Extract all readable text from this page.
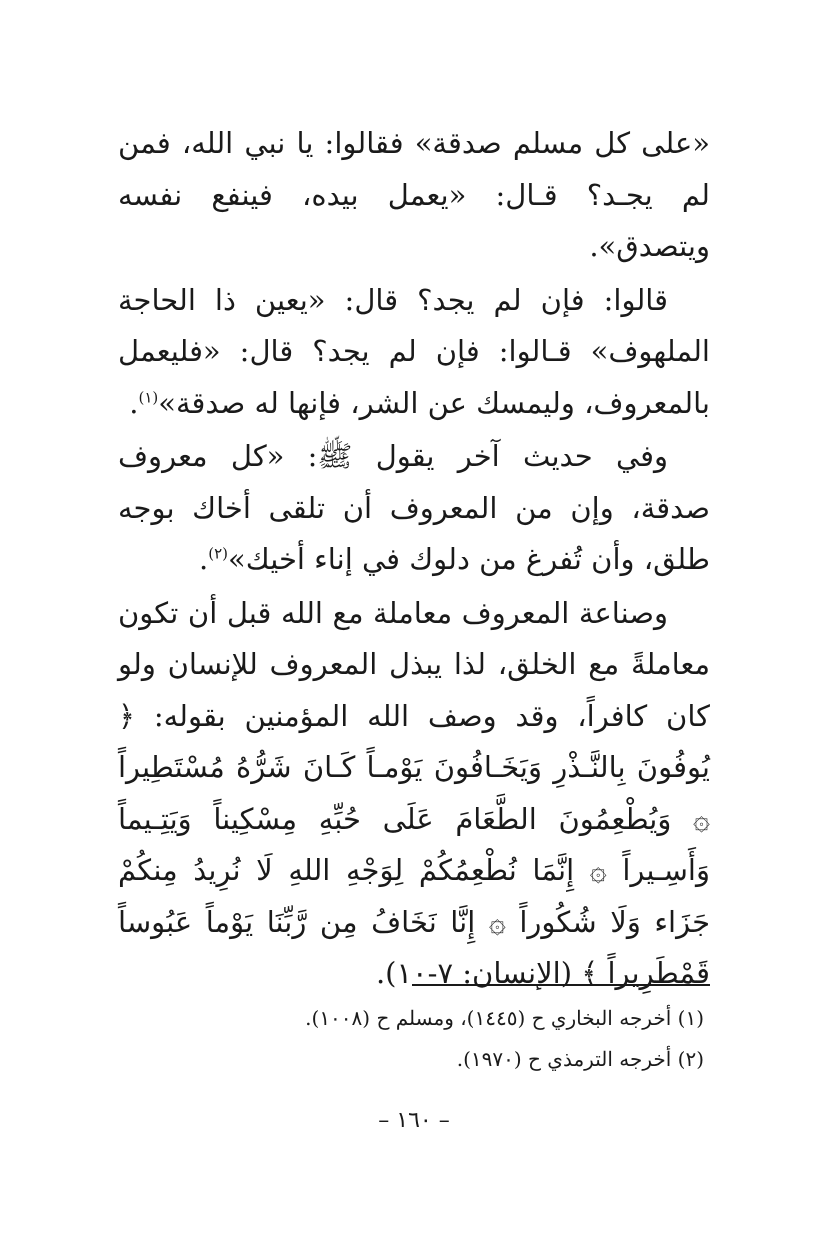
«على كل مسلم صدقة» فقالوا: يا نبي الله، فمن لم يجـد؟ قـال: «يعمل بيده، فينفع نفسه ويتصدق».

قالوا: فإن لم يجد؟ قال: «يعين ذا الحاجة الملهوف» قـالوا: فإن لم يجد؟ قال: «فليعمل بالمعروف، وليمسك عن الشر، فإنها له صدقة»$^{(١)}$.

وفي حديث آخر يقول ﷺ: «كل معروف صدقة، وإن من المعروف أن تلقى أخاك بوجه طلق، وأن تُفرغ من دلوك في إناء أخيك»$^{(٢)}$.

وصناعة المعروف معاملة مع الله قبل أن تكون معاملةً مع الخلق، لذا يبذل المعروف للإنسان ولو كان كافراً، وقد وصف الله المؤمنين بقوله: ﴿ يُوفُونَ بِالنَّـذْرِ وَيَخَـافُونَ يَوْمـاً كَـانَ شَرُّهُ مُسْتَطِيراً ۞ وَيُطْعِمُونَ الطَّعَامَ عَلَى حُبِّهِ مِسْكِيناً وَيَتِـيماً وَأَسِـيراً ۞ إِنَّمَا نُطْعِمُكُمْ لِوَجْهِ اللهِ لَا نُرِيدُ مِنكُمْ جَزَاء وَلَا شُكُوراً ۞ إِنَّا نَخَافُ مِن رَّبِّنَا يَوْماً عَبُوساً قَمْطَرِيراً ﴾ (الإنسان: ٧-١٠).

(١) أخرجه البخاري ح (١٤٤٥)، ومسلم ح (١٠٠٨).

(٢) أخرجه الترمذي ح (١٩٧٠).

– ١٦٠ –
